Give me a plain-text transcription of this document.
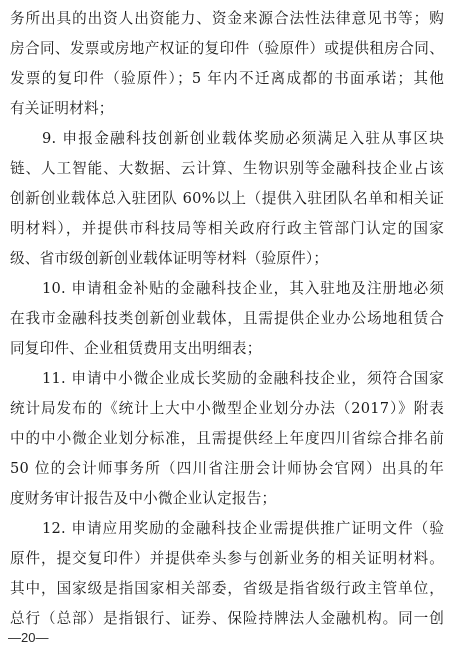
务所出具的出资人出资能力、资金来源合法性法律意见书等；购
房合同、发票或房地产权证的复印件（验原件）或提供租房合同、
发票的复印件（验原件）；5 年内不迁离成都的书面承诺；其他
有关证明材料；
9. 申报金融科技创新创业载体奖励必须满足入驻从事区块
链、人工智能、大数据、云计算、生物识别等金融科技企业占该
创新创业载体总入驻团队 60%以上（提供入驻团队名单和相关证
明材料），并提供市科技局等相关政府行政主管部门认定的国家
级、省市级创新创业载体证明等材料（验原件）；
10. 申请租金补贴的金融科技企业，其入驻地及注册地必须
在我市金融科技类创新创业载体，且需提供企业办公场地租赁合
同复印件、企业租赁费用支出明细表；
11. 申请中小微企业成长奖励的金融科技企业，须符合国家
统计局发布的《统计上大中小微型企业划分办法（2017）》附表
中的中小微企业划分标准，且需提供经上年度四川省综合排名前
50 位的会计师事务所（四川省注册会计师协会官网）出具的年
度财务审计报告及中小微企业认定报告；
12. 申请应用奖励的金融科技企业需提供推广证明文件（验
原件，提交复印件）并提供牵头参与创新业务的相关证明材料。
其中，国家级是指国家相关部委，省级是指省级行政主管单位，
总行（总部）是指银行、证券、保险持牌法人金融机构。同一创
—20—
